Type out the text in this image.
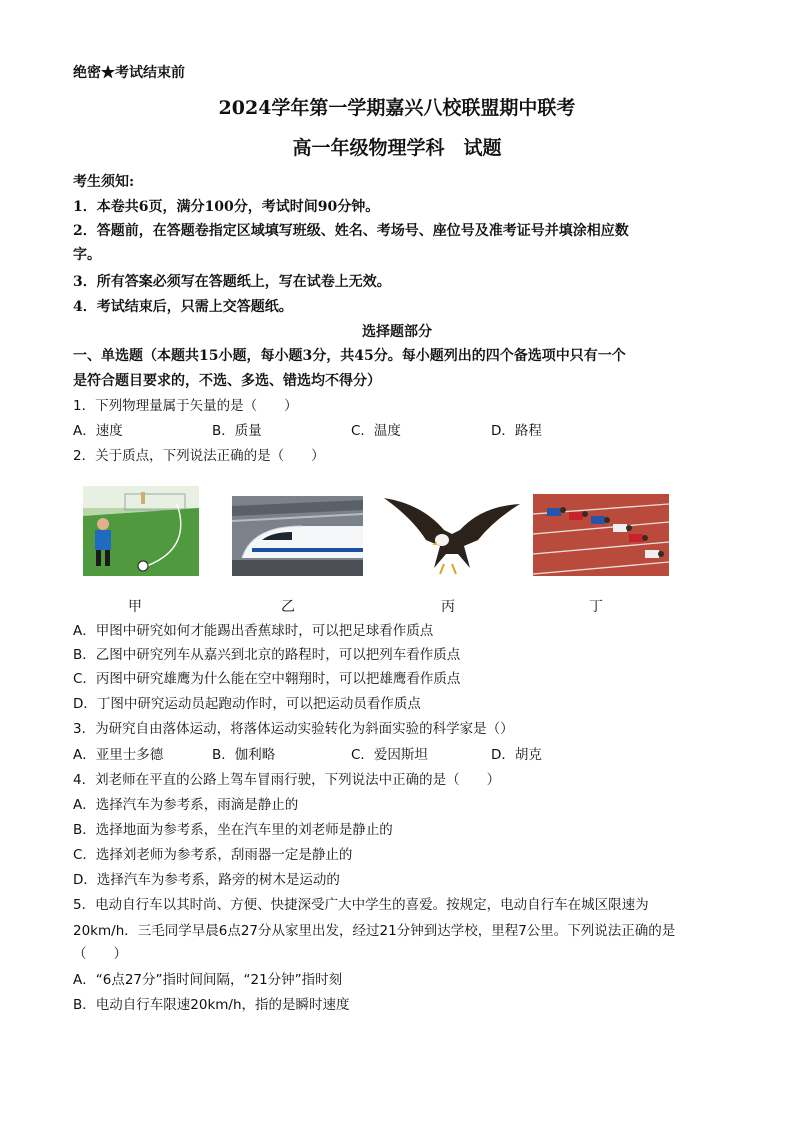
绝密★考试结束前
2024学年第一学期嘉兴八校联盟期中联考
高一年级物理学科　试题
考生须知:
1．本卷共6页，满分100分，考试时间90分钟。
2．答题前，在答题卷指定区域填写班级、姓名、考场号、座位号及准考证号并填涂相应数
字。
3．所有答案必须写在答题纸上，写在试卷上无效。
4．考试结束后，只需上交答题纸。
选择题部分
一、单选题（本题共15小题，每小题3分，共45分。每小题列出的四个备选项中只有一个
是符合题目要求的，不选、多选、错选均不得分）
1．下列物理量属于矢量的是（　　）
A．速度	B．质量	C．温度	D．路程
2．关于质点，下列说法正确的是（　　）
甲	乙	丙	丁
A．甲图中研究如何才能踢出香蕉球时，可以把足球看作质点
B．乙图中研究列车从嘉兴到北京的路程时，可以把列车看作质点
C．丙图中研究雄鹰为什么能在空中翱翔时，可以把雄鹰看作质点
D．丁图中研究运动员起跑动作时，可以把运动员看作质点
3．为研究自由落体运动，将落体运动实验转化为斜面实验的科学家是（）
A．亚里士多德	B．伽利略	C．爱因斯坦	D．胡克
4．刘老师在平直的公路上驾车冒雨行驶，下列说法中正确的是（　　）
A．选择汽车为参考系，雨滴是静止的
B．选择地面为参考系，坐在汽车里的刘老师是静止的
C．选择刘老师为参考系，刮雨器一定是静止的
D．选择汽车为参考系，路旁的树木是运动的
5．电动自行车以其时尚、方便、快捷深受广大中学生的喜爱。按规定，电动自行车在城区限速为
20km/h．三毛同学早晨6点27分从家里出发，经过21分钟到达学校，里程7公里。下列说法正确的是
（　　）
A．“6点27分”指时间间隔，“21分钟”指时刻
B．电动自行车限速20km/h，指的是瞬时速度
